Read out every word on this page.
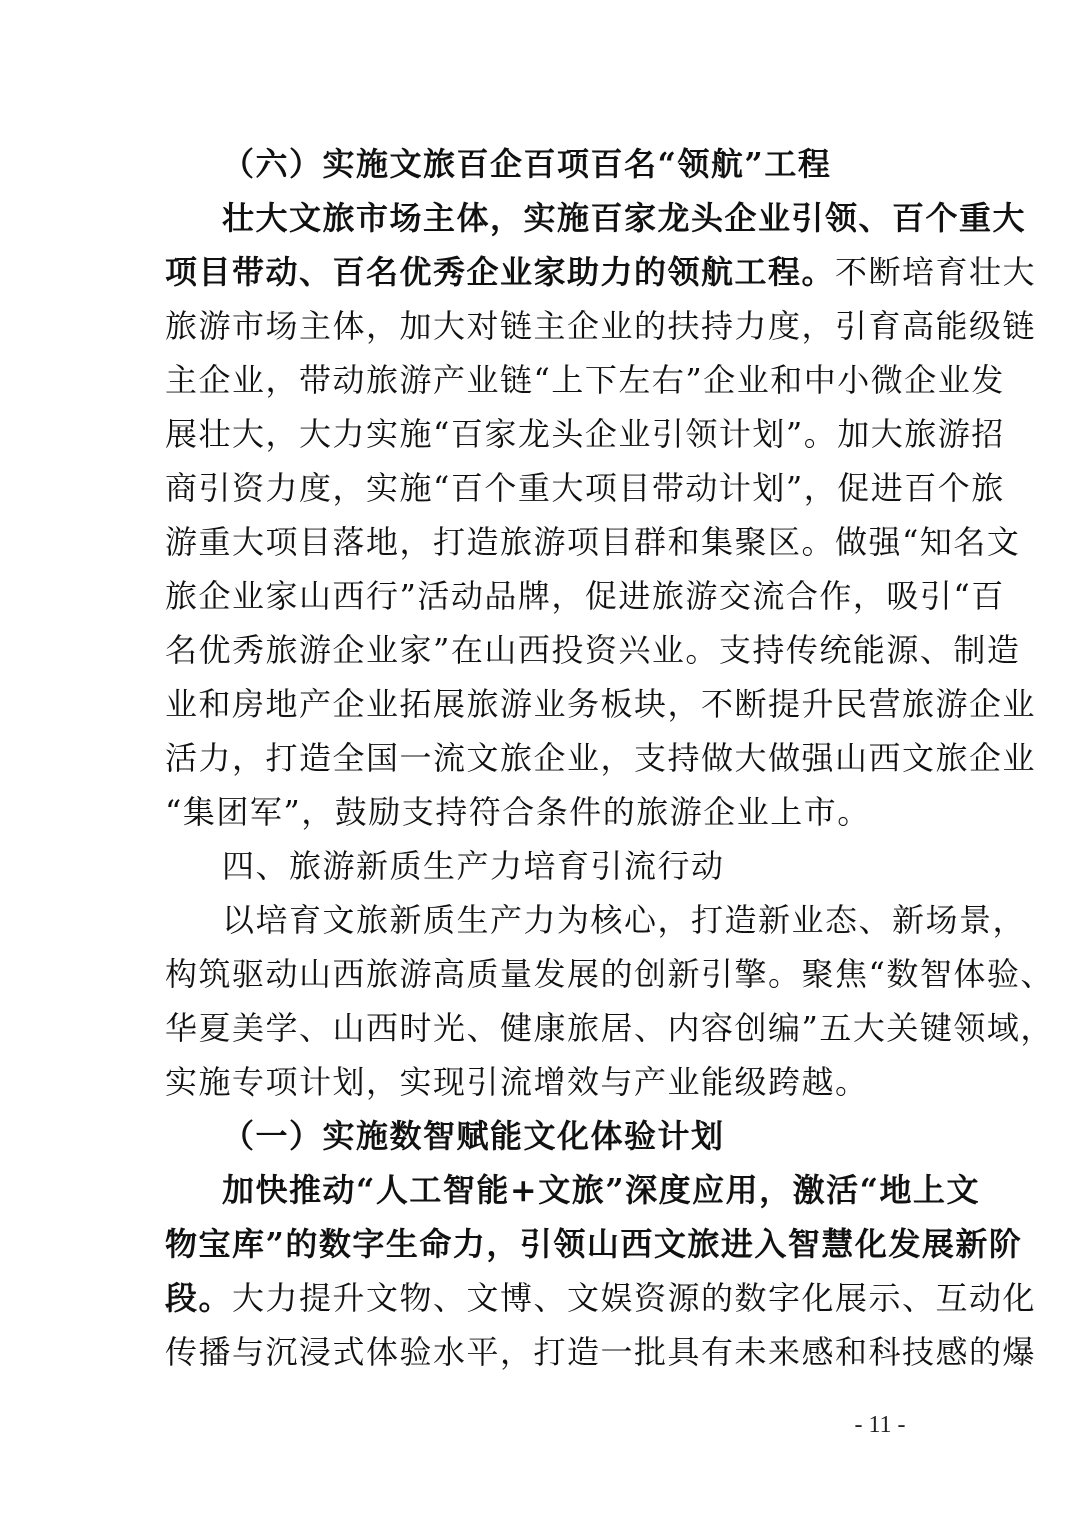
（六）实施文旅百企百项百名“领航”工程
壮大文旅市场主体，实施百家龙头企业引领、百个重大
项目带动、百名优秀企业家助力的领航工程。不断培育壮大
旅游市场主体，加大对链主企业的扶持力度，引育高能级链
主企业，带动旅游产业链“上下左右”企业和中小微企业发
展壮大，大力实施“百家龙头企业引领计划”。加大旅游招
商引资力度，实施“百个重大项目带动计划”，促进百个旅
游重大项目落地，打造旅游项目群和集聚区。做强“知名文
旅企业家山西行”活动品牌，促进旅游交流合作，吸引“百
名优秀旅游企业家”在山西投资兴业。支持传统能源、制造
业和房地产企业拓展旅游业务板块，不断提升民营旅游企业
活力，打造全国一流文旅企业，支持做大做强山西文旅企业
“集团军”，鼓励支持符合条件的旅游企业上市。
四、旅游新质生产力培育引流行动
以培育文旅新质生产力为核心，打造新业态、新场景，
构筑驱动山西旅游高质量发展的创新引擎。聚焦“数智体验、
华夏美学、山西时光、健康旅居、内容创编”五大关键领域，
实施专项计划，实现引流增效与产业能级跨越。
（一）实施数智赋能文化体验计划
加快推动“人工智能+文旅”深度应用，激活“地上文
物宝库”的数字生命力，引领山西文旅进入智慧化发展新阶
段。大力提升文物、文博、文娱资源的数字化展示、互动化
传播与沉浸式体验水平，打造一批具有未来感和科技感的爆
- 11 -
